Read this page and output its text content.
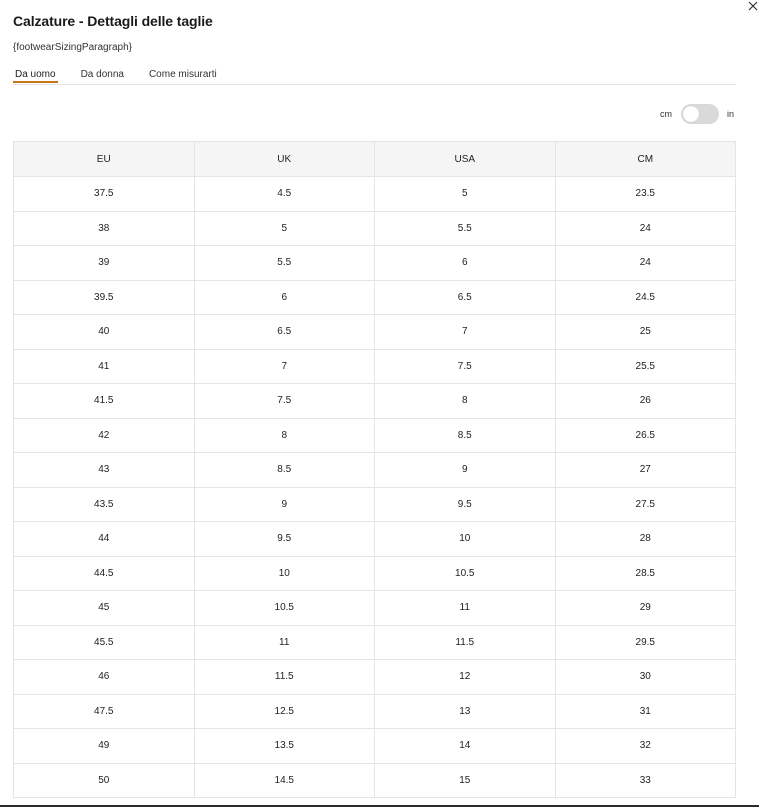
Calzature - Dettagli delle taglie
{footwearSizingParagraph}
Da uomo	Da donna	Come misurarti
cm	in
EU	UK	USA	CM
37.5	4.5	5	23.5
38	5	5.5	24
39	5.5	6	24
39.5	6	6.5	24.5
40	6.5	7	25
41	7	7.5	25.5
41.5	7.5	8	26
42	8	8.5	26.5
43	8.5	9	27
43.5	9	9.5	27.5
44	9.5	10	28
44.5	10	10.5	28.5
45	10.5	11	29
45.5	11	11.5	29.5
46	11.5	12	30
47.5	12.5	13	31
49	13.5	14	32
50	14.5	15	33
